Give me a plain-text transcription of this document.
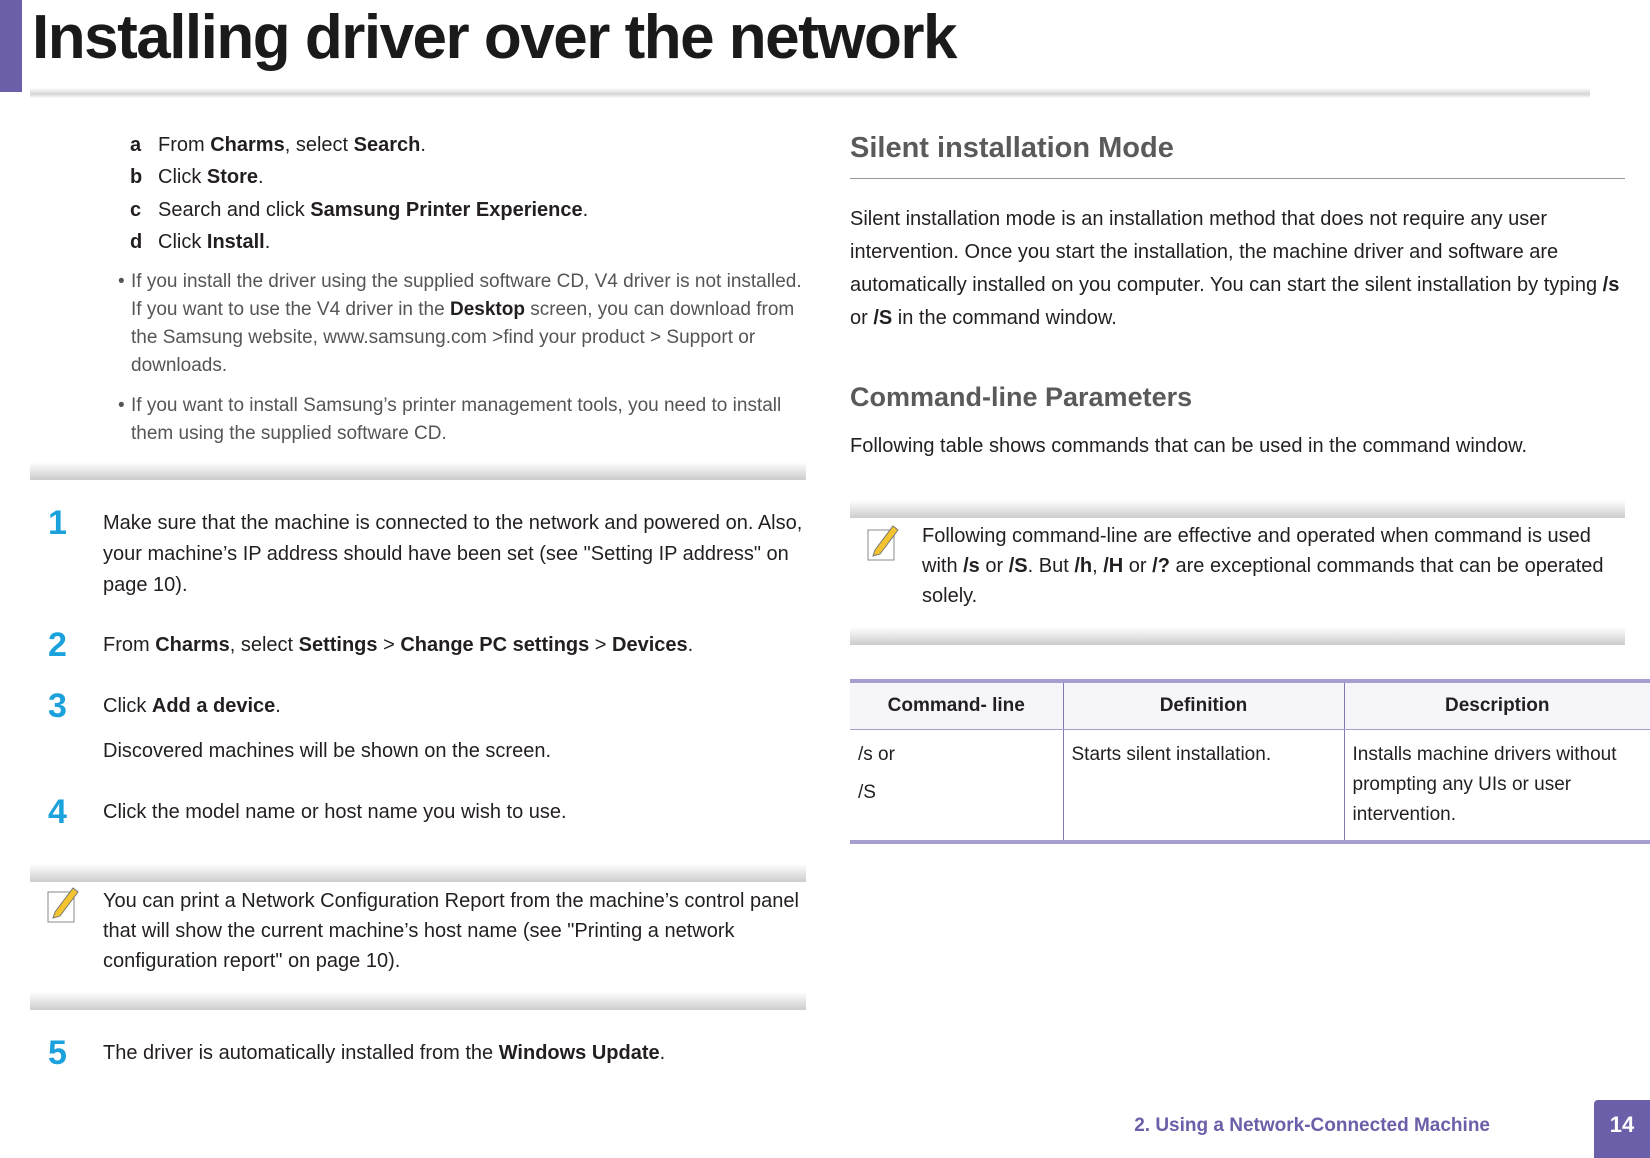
Installing driver over the network
a From Charms, select Search.
b Click Store.
c Search and click Samsung Printer Experience.
d Click Install.
• If you install the driver using the supplied software CD, V4 driver is not installed. If you want to use the V4 driver in the Desktop screen, you can download from the Samsung website, www.samsung.com >find your product > Support or downloads.
• If you want to install Samsung’s printer management tools, you need to install them using the supplied software CD.
1 Make sure that the machine is connected to the network and powered on. Also, your machine’s IP address should have been set (see "Setting IP address" on page 10).
2 From Charms, select Settings > Change PC settings > Devices.
3 Click Add a device.
Discovered machines will be shown on the screen.
4 Click the model name or host name you wish to use.
You can print a Network Configuration Report from the machine’s control panel that will show the current machine’s host name (see "Printing a network configuration report" on page 10).
5 The driver is automatically installed from the Windows Update.
Silent installation Mode
Silent installation mode is an installation method that does not require any user intervention. Once you start the installation, the machine driver and software are automatically installed on you computer. You can start the silent installation by typing /s or /S in the command window.
Command-line Parameters
Following table shows commands that can be used in the command window.
Following command-line are effective and operated when command is used with /s or /S. But /h, /H or /? are exceptional commands that can be operated solely.
Command- line	Definition	Description

/s or
/S	Starts silent installation.	Installs machine drivers without prompting any UIs or user intervention.
2. Using a Network-Connected Machine	14
